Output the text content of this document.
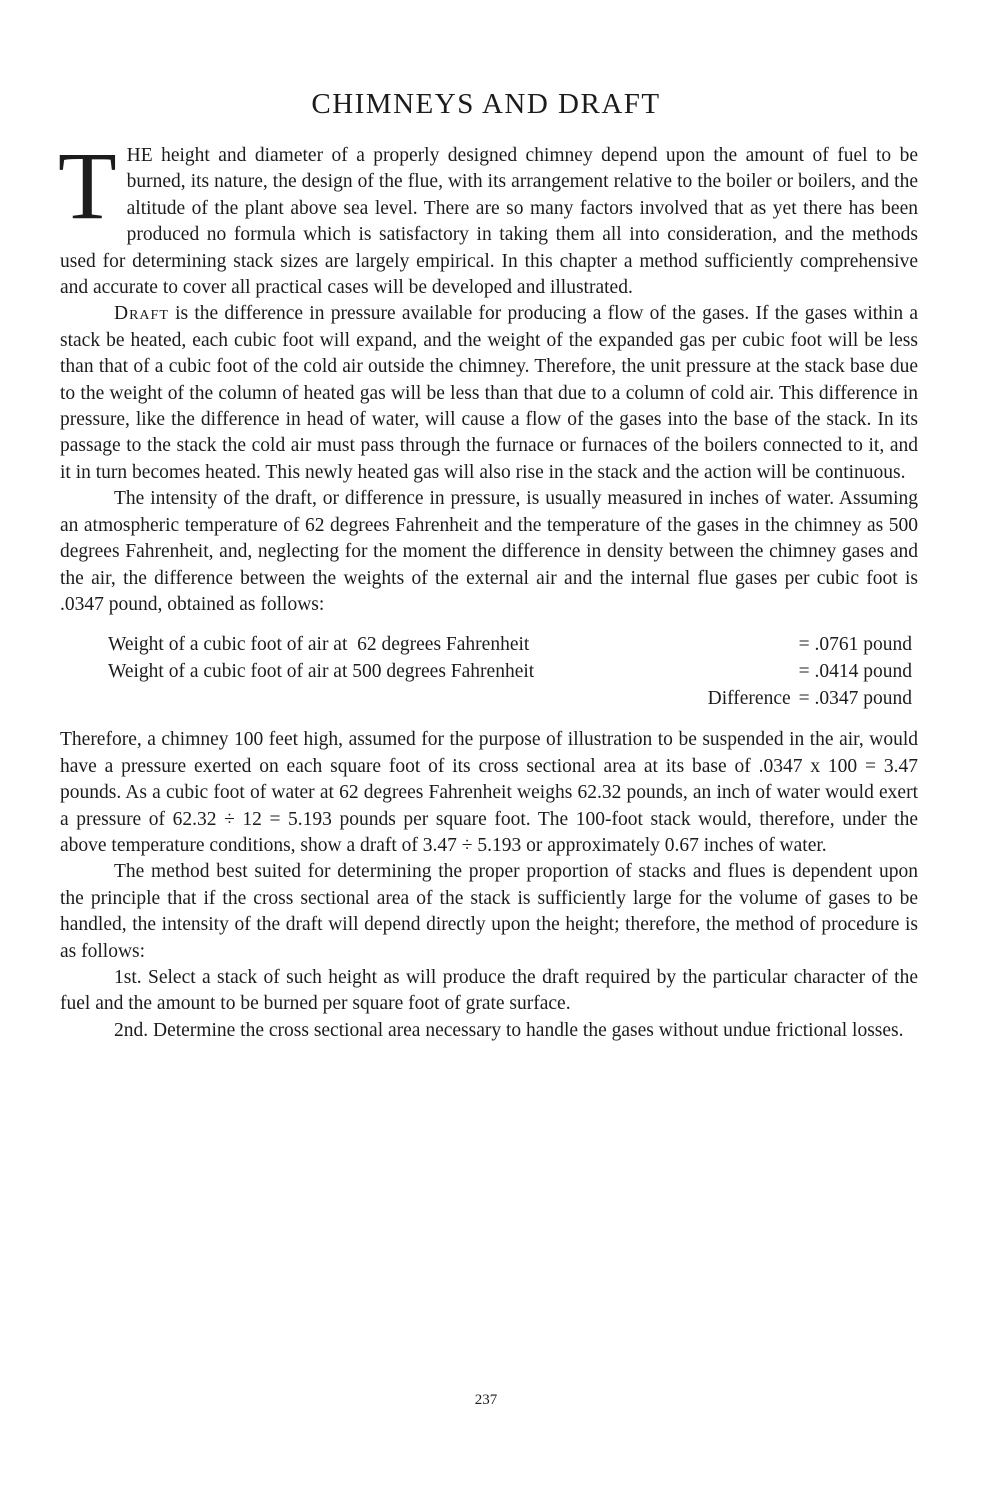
CHIMNEYS AND DRAFT

THE height and diameter of a properly designed chimney depend upon the amount of fuel to be burned, its nature, the design of the flue, with its arrangement relative to the boiler or boilers, and the altitude of the plant above sea level. There are so many factors involved that as yet there has been produced no formula which is satisfactory in taking them all into consideration, and the methods used for determining stack sizes are largely empirical. In this chapter a method sufficiently comprehensive and accurate to cover all practical cases will be developed and illustrated.

Draft is the difference in pressure available for producing a flow of the gases. If the gases within a stack be heated, each cubic foot will expand, and the weight of the expanded gas per cubic foot will be less than that of a cubic foot of the cold air outside the chimney. Therefore, the unit pressure at the stack base due to the weight of the column of heated gas will be less than that due to a column of cold air. This difference in pressure, like the difference in head of water, will cause a flow of the gases into the base of the stack. In its passage to the stack the cold air must pass through the furnace or furnaces of the boilers connected to it, and it in turn becomes heated. This newly heated gas will also rise in the stack and the action will be continuous.

The intensity of the draft, or difference in pressure, is usually measured in inches of water. Assuming an atmospheric temperature of 62 degrees Fahrenheit and the temperature of the gases in the chimney as 500 degrees Fahrenheit, and, neglecting for the moment the difference in density between the chimney gases and the air, the difference between the weights of the external air and the internal flue gases per cubic foot is .0347 pound, obtained as follows:

Weight of a cubic foot of air at  62 degrees Fahrenheit	= .0761 pound
Weight of a cubic foot of air at 500 degrees Fahrenheit	= .0414 pound
Difference = .0347 pound

Therefore, a chimney 100 feet high, assumed for the purpose of illustration to be suspended in the air, would have a pressure exerted on each square foot of its cross sectional area at its base of .0347 x 100 = 3.47 pounds. As a cubic foot of water at 62 degrees Fahrenheit weighs 62.32 pounds, an inch of water would exert a pressure of 62.32 ÷ 12 = 5.193 pounds per square foot. The 100-foot stack would, therefore, under the above temperature conditions, show a draft of 3.47 ÷ 5.193 or approximately 0.67 inches of water.

The method best suited for determining the proper proportion of stacks and flues is dependent upon the principle that if the cross sectional area of the stack is sufficiently large for the volume of gases to be handled, the intensity of the draft will depend directly upon the height; therefore, the method of procedure is as follows:

1st. Select a stack of such height as will produce the draft required by the particular character of the fuel and the amount to be burned per square foot of grate surface.

2nd. Determine the cross sectional area necessary to handle the gases without undue frictional losses.

237
